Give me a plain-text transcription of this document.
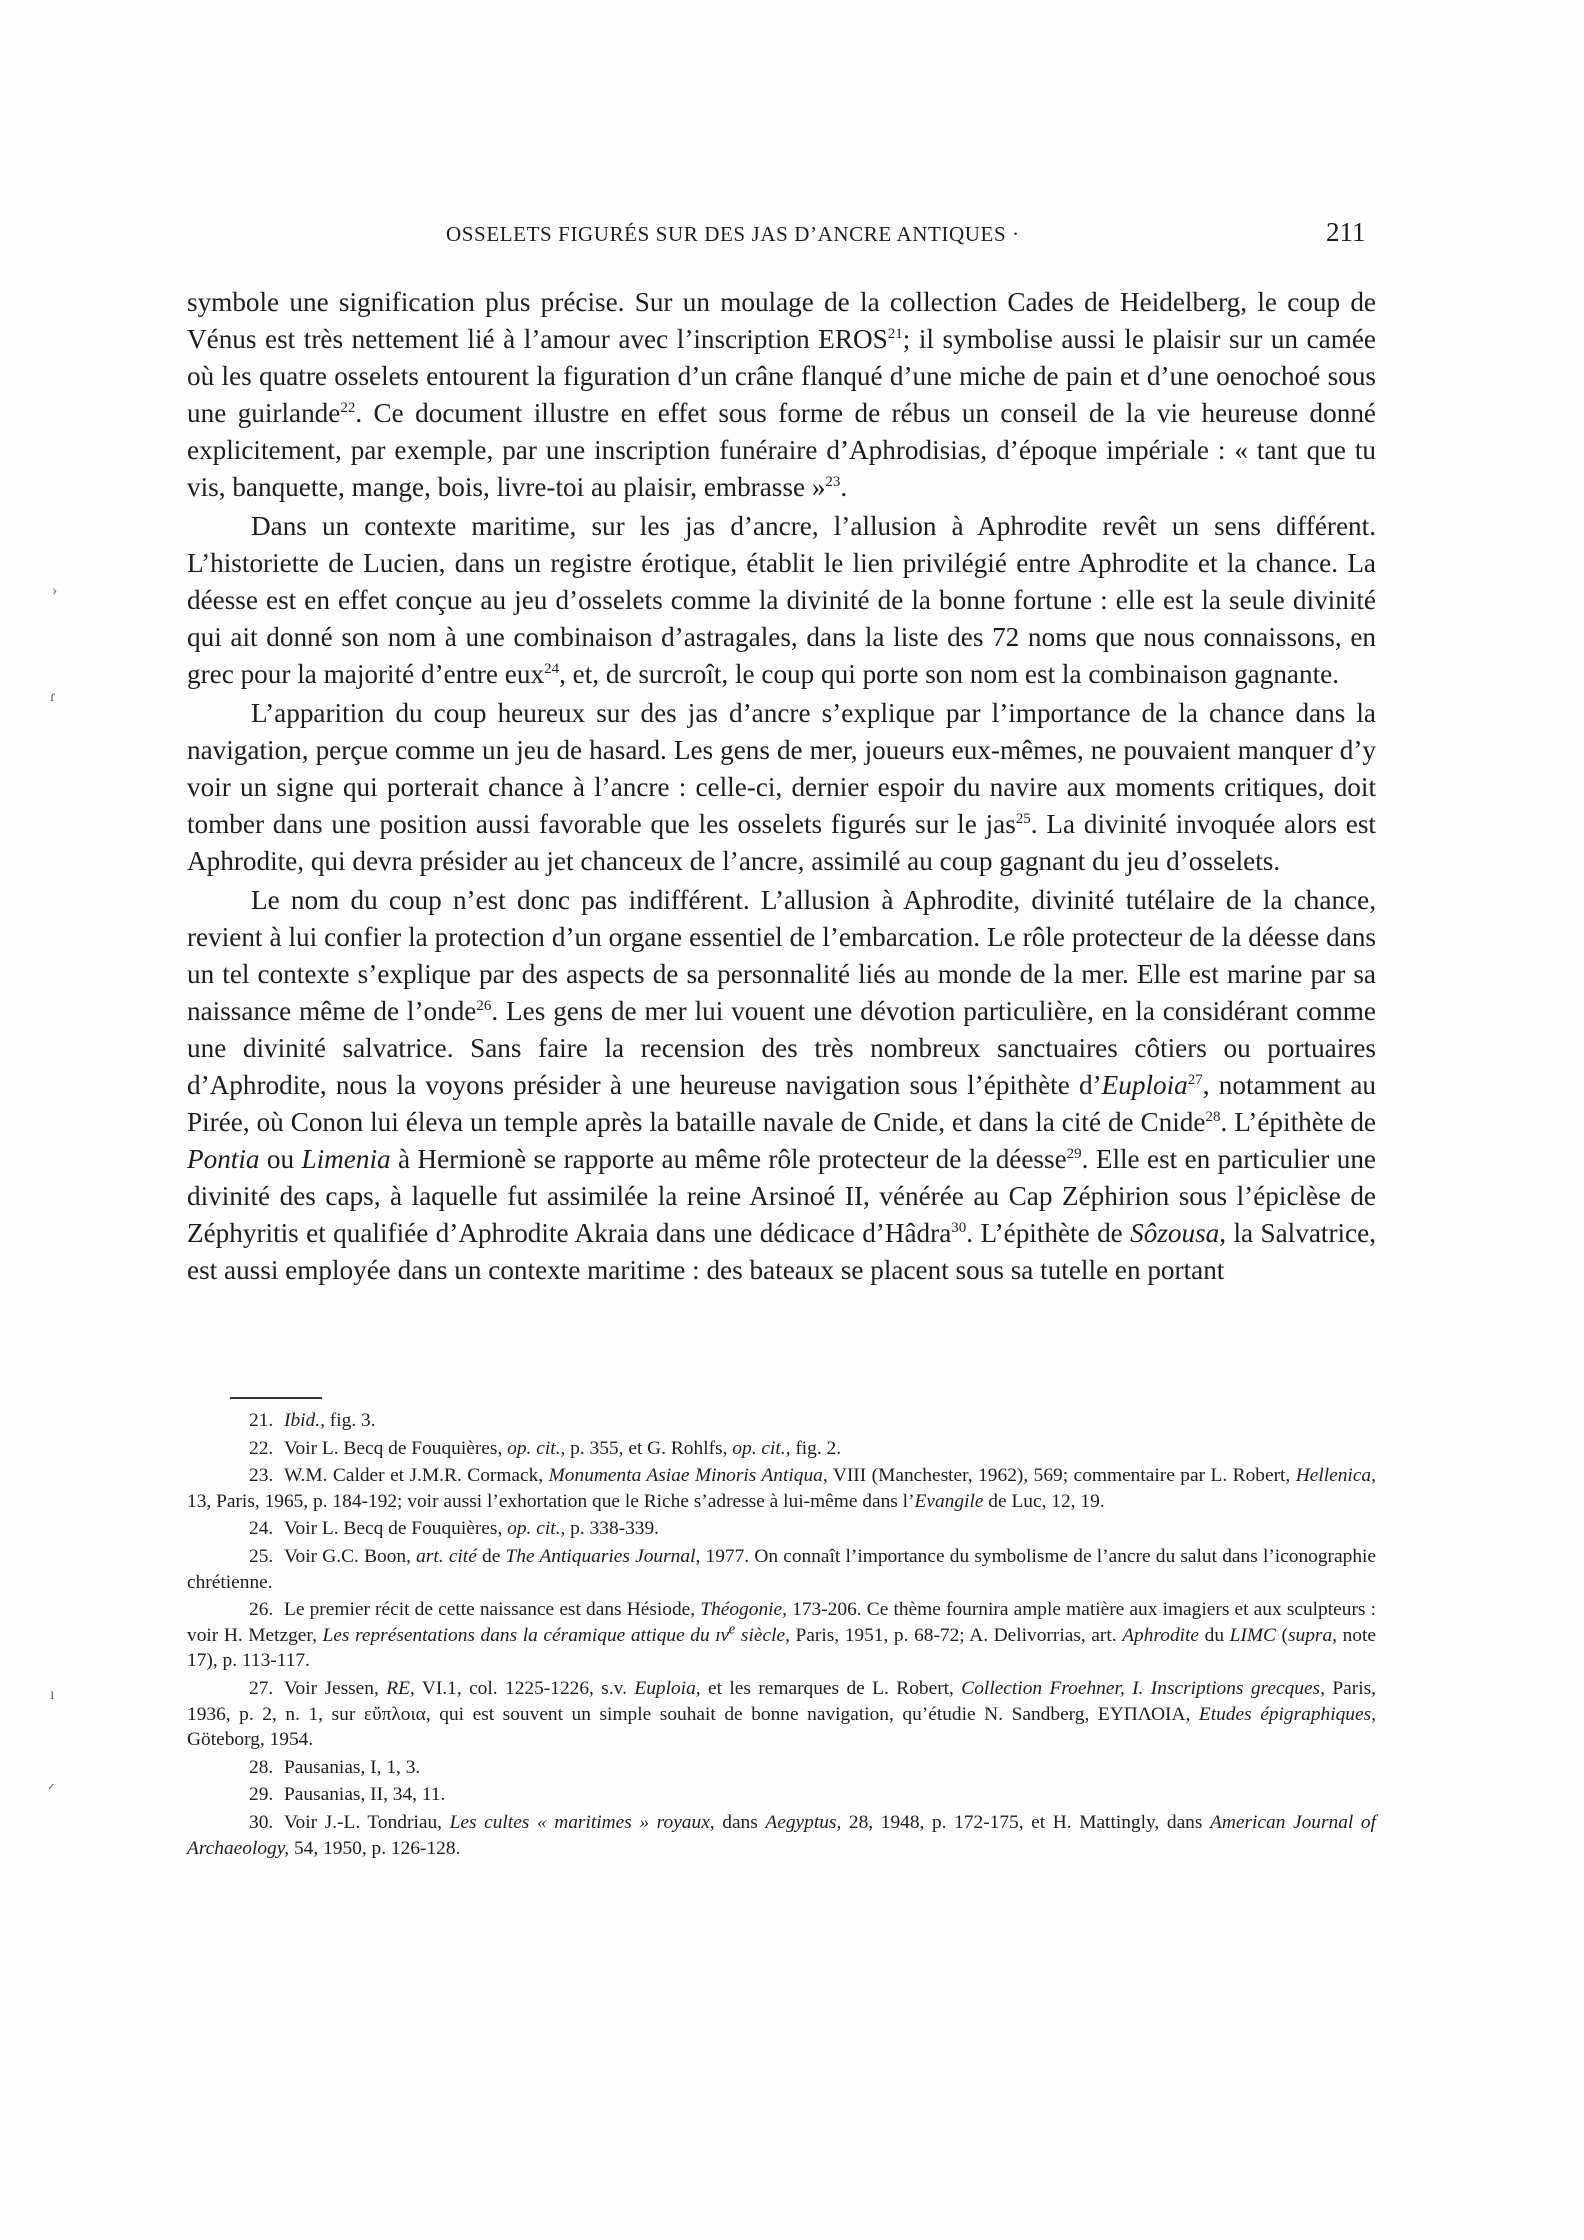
OSSELETS FIGURÉS SUR DES JAS D’ANCRE ANTIQUES ·	211
›
ɾ
ı
ᐟ

symbole une signification plus précise. Sur un moulage de la collection Cades de Heidelberg, le coup de Vénus est très nettement lié à l’amour avec l’inscription EROS$^{21}$; il symbolise aussi le plaisir sur un camée où les quatre osselets entourent la figuration d’un crâne flanqué d’une miche de pain et d’une oenochoé sous une guirlande$^{22}$. Ce document illustre en effet sous forme de rébus un conseil de la vie heureuse donné explicitement, par exemple, par une inscription funéraire d’Aphrodisias, d’époque impériale : « tant que tu vis, banquette, mange, bois, livre-toi au plaisir, embrasse »$^{23}$.

Dans un contexte maritime, sur les jas d’ancre, l’allusion à Aphrodite revêt un sens différent. L’historiette de Lucien, dans un registre érotique, établit le lien privilégié entre Aphrodite et la chance. La déesse est en effet conçue au jeu d’osselets comme la divinité de la bonne fortune : elle est la seule divinité qui ait donné son nom à une combinaison d’astragales, dans la liste des 72 noms que nous connaissons, en grec pour la majorité d’entre eux$^{24}$, et, de surcroît, le coup qui porte son nom est la combinaison gagnante.

L’apparition du coup heureux sur des jas d’ancre s’explique par l’importance de la chance dans la navigation, perçue comme un jeu de hasard. Les gens de mer, joueurs eux-mêmes, ne pouvaient manquer d’y voir un signe qui porterait chance à l’ancre : celle-ci, dernier espoir du navire aux moments critiques, doit tomber dans une position aussi favorable que les osselets figurés sur le jas$^{25}$. La divinité invoquée alors est Aphrodite, qui devra présider au jet chanceux de l’ancre, assimilé au coup gagnant du jeu d’osselets.

Le nom du coup n’est donc pas indifférent. L’allusion à Aphrodite, divinité tutélaire de la chance, revient à lui confier la protection d’un organe essentiel de l’embarcation. Le rôle protecteur de la déesse dans un tel contexte s’explique par des aspects de sa personnalité liés au monde de la mer. Elle est marine par sa naissance même de l’onde$^{26}$. Les gens de mer lui vouent une dévotion particulière, en la considérant comme une divinité salvatrice. Sans faire la recension des très nombreux sanctuaires côtiers ou portuaires d’Aphrodite, nous la voyons présider à une heureuse navigation sous l’épithète d’Euploia$^{27}$, notamment au Pirée, où Conon lui éleva un temple après la bataille navale de Cnide, et dans la cité de Cnide$^{28}$. L’épithète de Pontia ou Limenia à Hermionè se rapporte au même rôle protecteur de la déesse$^{29}$. Elle est en particulier une divinité des caps, à laquelle fut assimilée la reine Arsinoé II, vénérée au Cap Zéphirion sous l’épiclèse de Zéphyritis et qualifiée d’Aphrodite Akraia dans une dédicace d’Hâdra$^{30}$. L’épithète de Sôzousa, la Salvatrice, est aussi employée dans un contexte maritime : des bateaux se placent sous sa tutelle en portant

21. Ibid., fig. 3.

22. Voir L. Becq de Fouquières, op. cit., p. 355, et G. Rohlfs, op. cit., fig. 2.

23. W.M. Calder et J.M.R. Cormack, Monumenta Asiae Minoris Antiqua, VIII (Manchester, 1962), 569; commentaire par L. Robert, Hellenica, 13, Paris, 1965, p. 184-192; voir aussi l’exhortation que le Riche s’adresse à lui-même dans l’Evangile de Luc, 12, 19.

24. Voir L. Becq de Fouquières, op. cit., p. 338-339.

25. Voir G.C. Boon, art. cité de The Antiquaries Journal, 1977. On connaît l’importance du symbolisme de l’ancre du salut dans l’iconographie chrétienne.

26. Le premier récit de cette naissance est dans Hésiode, Théogonie, 173-206. Ce thème fournira ample matière aux imagiers et aux sculpteurs : voir H. Metzger, Les représentations dans la céramique attique du ɪᴠ$^e$ siècle, Paris, 1951, p. 68-72; A. Delivorrias, art. Aphrodite du LIMC (supra, note 17), p. 113-117.

27. Voir Jessen, RE, VI.1, col. 1225-1226, s.v. Euploia, et les remarques de L. Robert, Collection Froehner, I. Inscriptions grecques, Paris, 1936, p. 2, n. 1, sur εὔπλοια, qui est souvent un simple souhait de bonne navigation, qu’étudie N. Sandberg, ΕΥΠΛΟΙΑ, Etudes épigraphiques, Göteborg, 1954.

28. Pausanias, I, 1, 3.

29. Pausanias, II, 34, 11.

30. Voir J.-L. Tondriau, Les cultes « maritimes » royaux, dans Aegyptus, 28, 1948, p. 172-175, et H. Mattingly, dans American Journal of Archaeology, 54, 1950, p. 126-128.
